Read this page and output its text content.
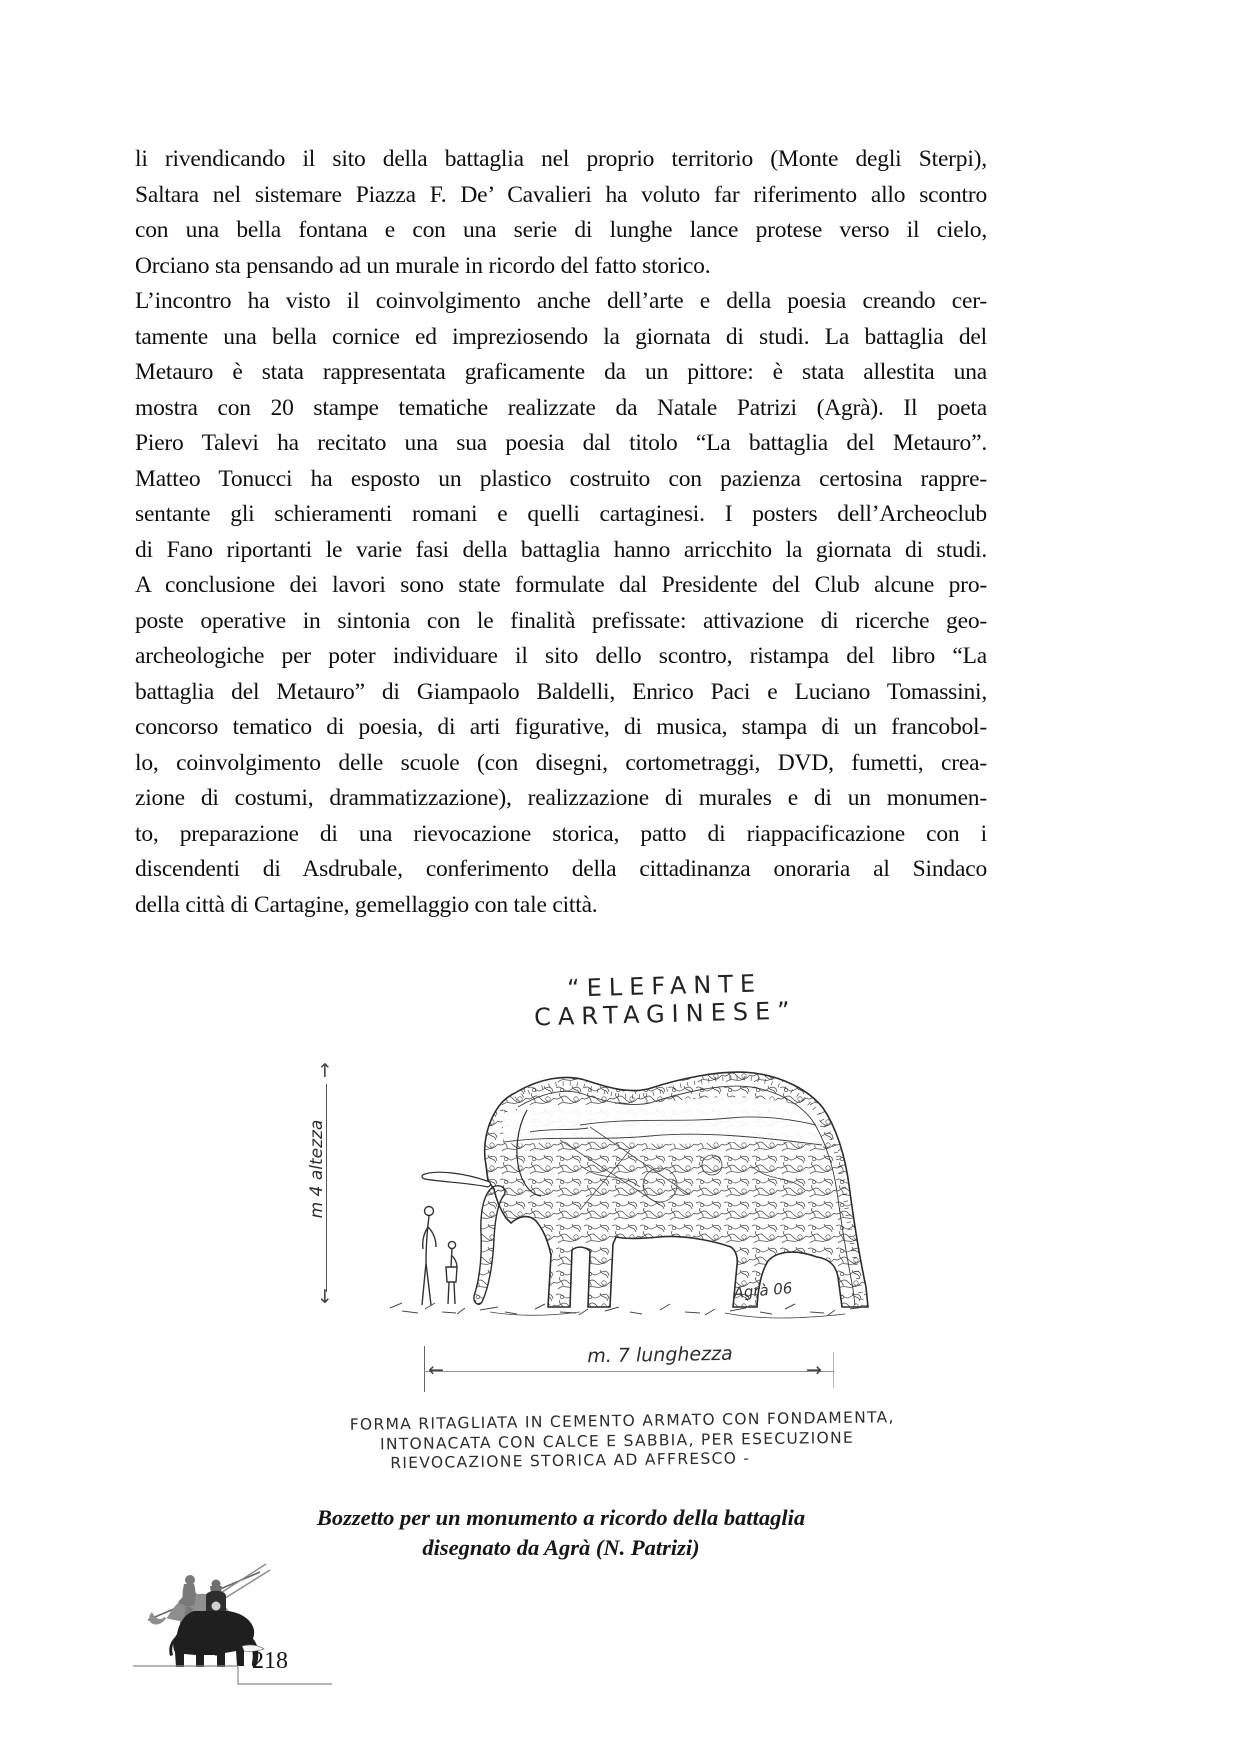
li rivendicando il sito della battaglia nel proprio territorio (Monte degli Sterpi),
Saltara nel sistemare Piazza F. De’ Cavalieri ha voluto far riferimento allo scontro
con una bella fontana e con una serie di lunghe lance protese verso il cielo,
Orciano sta pensando ad un murale in ricordo del fatto storico.
L’incontro ha visto il coinvolgimento anche dell’arte e della poesia creando cer-
tamente una bella cornice ed impreziosendo la giornata di studi. La battaglia del
Metauro è stata rappresentata graficamente da un pittore: è stata allestita una
mostra con 20 stampe tematiche realizzate da Natale Patrizi (Agrà). Il poeta
Piero Talevi ha recitato una sua poesia dal titolo “La battaglia del Metauro”.
Matteo Tonucci ha esposto un plastico costruito con pazienza certosina rappre-
sentante gli schieramenti romani e quelli cartaginesi. I posters dell’Archeoclub
di Fano riportanti le varie fasi della battaglia hanno arricchito la giornata di studi.
A conclusione dei lavori sono state formulate dal Presidente del Club alcune pro-
poste operative in sintonia con le finalità prefissate: attivazione di ricerche geo-
archeologiche per poter individuare il sito dello scontro, ristampa del libro “La
battaglia del Metauro” di Giampaolo Baldelli, Enrico Paci e Luciano Tomassini,
concorso tematico di poesia, di arti figurative, di musica, stampa di un francobol-
lo, coinvolgimento delle scuole (con disegni, cortometraggi, DVD, fumetti, crea-
zione di costumi, drammatizzazione), realizzazione di murales e di un monumen-
to, preparazione di una rievocazione storica, patto di riappacificazione con i
discendenti di Asdrubale, conferimento della cittadinanza onoraria al Sindaco
della città di Cartagine, gemellaggio con tale città.
“ELEFANTE CARTAGINESE”
Agrà 06
↑
↓
m 4 altezza
←	→
m. 7 lunghezza
FORMA RITAGLIATA IN CEMENTO ARMATO CON FONDAMENTA,
INTONACATA CON CALCE E SABBIA, PER ESECUZIONE
RIEVOCAZIONE STORICA AD AFFRESCO -
Bozzetto per un monumento a ricordo della battaglia
disegnato da Agrà (N. Patrizi)
218
